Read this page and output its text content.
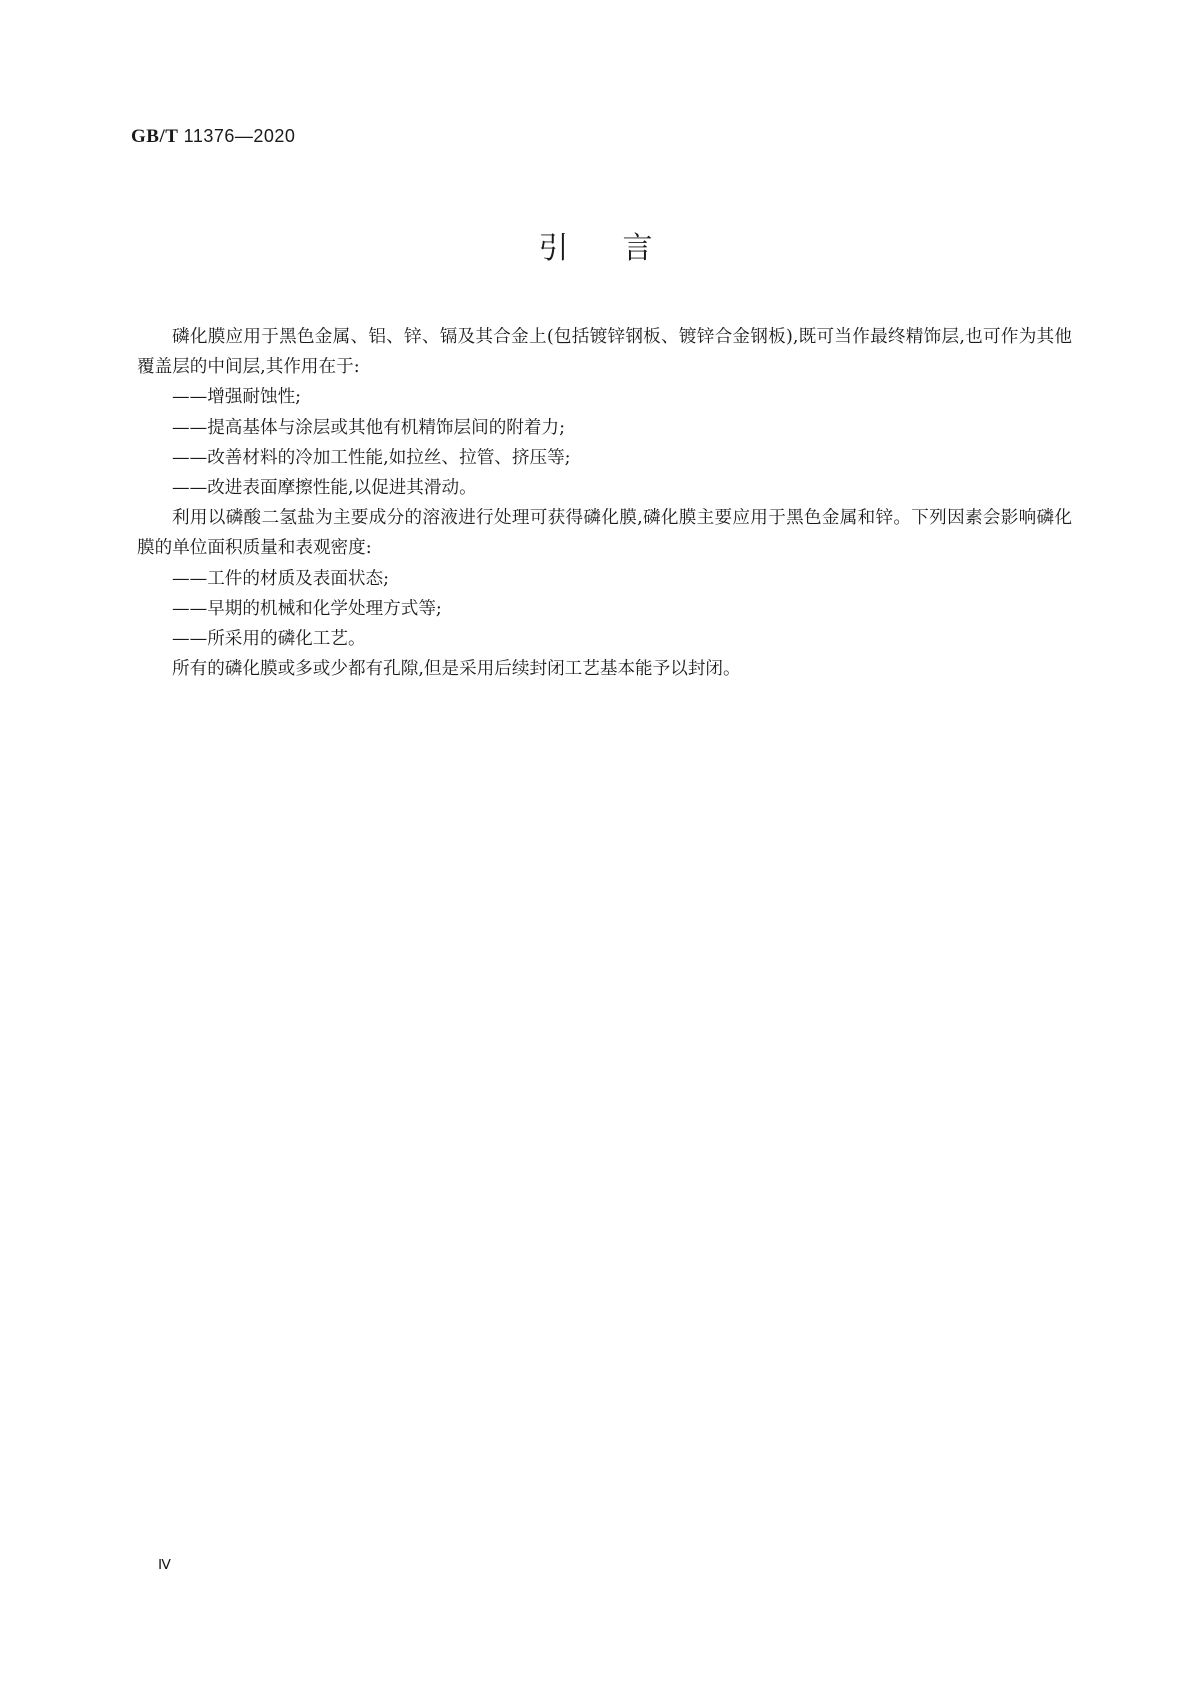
GB/T 11376—2020
引言

磷化膜应用于黑色金属、铝、锌、镉及其合金上(包括镀锌钢板、镀锌合金钢板),既可当作最终精饰层,也可作为其他覆盖层的中间层,其作用在于:

——增强耐蚀性;

——提高基体与涂层或其他有机精饰层间的附着力;

——改善材料的冷加工性能,如拉丝、拉管、挤压等;

——改进表面摩擦性能,以促进其滑动。

利用以磷酸二氢盐为主要成分的溶液进行处理可获得磷化膜,磷化膜主要应用于黑色金属和锌。下列因素会影响磷化膜的单位面积质量和表观密度:

——工件的材质及表面状态;

——早期的机械和化学处理方式等;

——所采用的磷化工艺。

所有的磷化膜或多或少都有孔隙,但是采用后续封闭工艺基本能予以封闭。

Ⅳ
